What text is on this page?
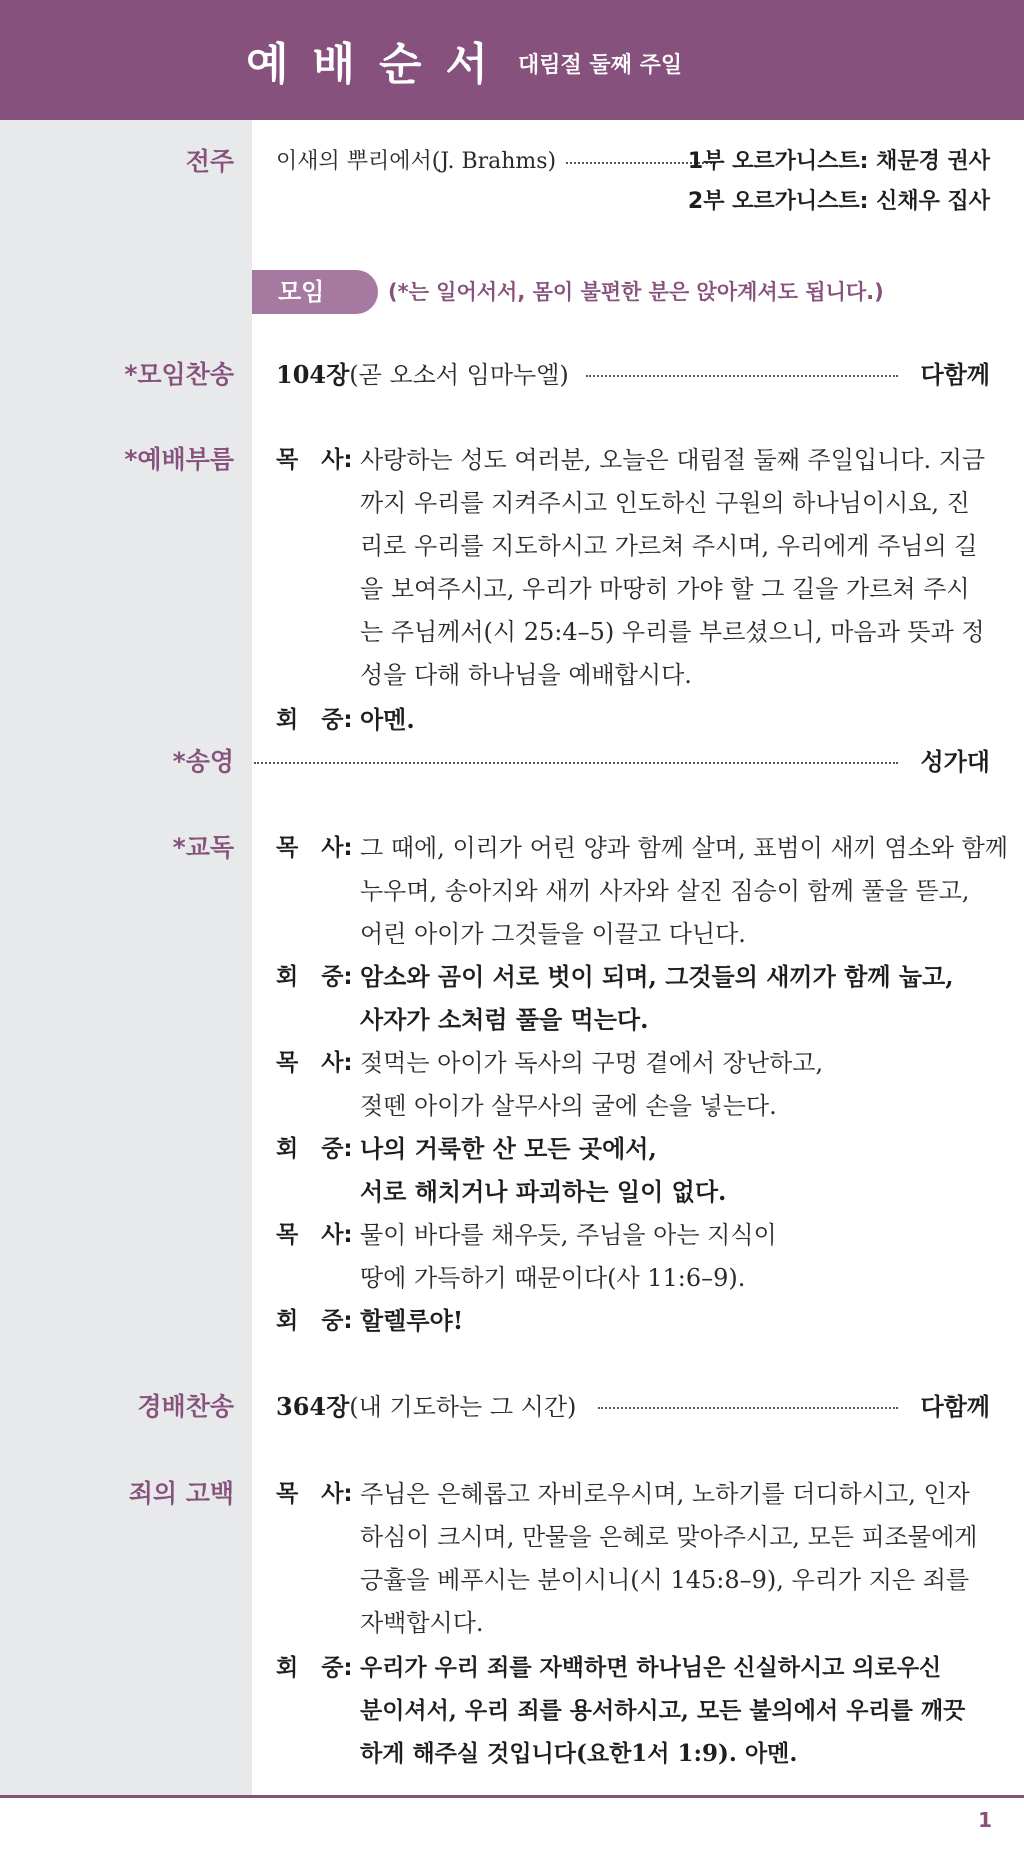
예배순서 대림절 둘째 주일
전주 이새의 뿌리에서(J. Brahms)	1부 오르가니스트: 채문경 권사
2부 오르가니스트: 신채우 집사
모임	(*는 일어서서, 몸이 불편한 분은 앉아계셔도 됩니다.)
*모임찬송 104장(곧 오소서 임마누엘)	다함께
*예배부름 목　사: 사랑하는 성도 여러분, 오늘은 대림절 둘째 주일입니다. 지금
까지 우리를 지켜주시고 인도하신 구원의 하나님이시요, 진
리로 우리를 지도하시고 가르쳐 주시며, 우리에게 주님의 길
을 보여주시고, 우리가 마땅히 가야 할 그 길을 가르쳐 주시
는 주님께서(시 25:4–5) 우리를 부르셨으니, 마음과 뜻과 정
성을 다해 하나님을 예배합시다.
회　중: 아멘.
*송영	성가대
*교독 목　사: 그 때에, 이리가 어린 양과 함께 살며, 표범이 새끼 염소와 함께
누우며, 송아지와 새끼 사자와 살진 짐승이 함께 풀을 뜯고,
어린 아이가 그것들을 이끌고 다닌다.
회　중: 암소와 곰이 서로 벗이 되며, 그것들의 새끼가 함께 눕고,
사자가 소처럼 풀을 먹는다.
목　사: 젖먹는 아이가 독사의 구멍 곁에서 장난하고,
젖뗀 아이가 살무사의 굴에 손을 넣는다.
회　중: 나의 거룩한 산 모든 곳에서,
서로 해치거나 파괴하는 일이 없다.
목　사: 물이 바다를 채우듯, 주님을 아는 지식이
땅에 가득하기 때문이다(사 11:6–9).
회　중: 할렐루야!
경배찬송 364장(내 기도하는 그 시간)	다함께
죄의 고백 목　사: 주님은 은혜롭고 자비로우시며, 노하기를 더디하시고, 인자
하심이 크시며, 만물을 은혜로 맞아주시고, 모든 피조물에게
긍휼을 베푸시는 분이시니(시 145:8–9), 우리가 지은 죄를
자백합시다.
회　중: 우리가 우리 죄를 자백하면 하나님은 신실하시고 의로우신
분이셔서, 우리 죄를 용서하시고, 모든 불의에서 우리를 깨끗
하게 해주실 것입니다(요한1서 1:9). 아멘.
1
